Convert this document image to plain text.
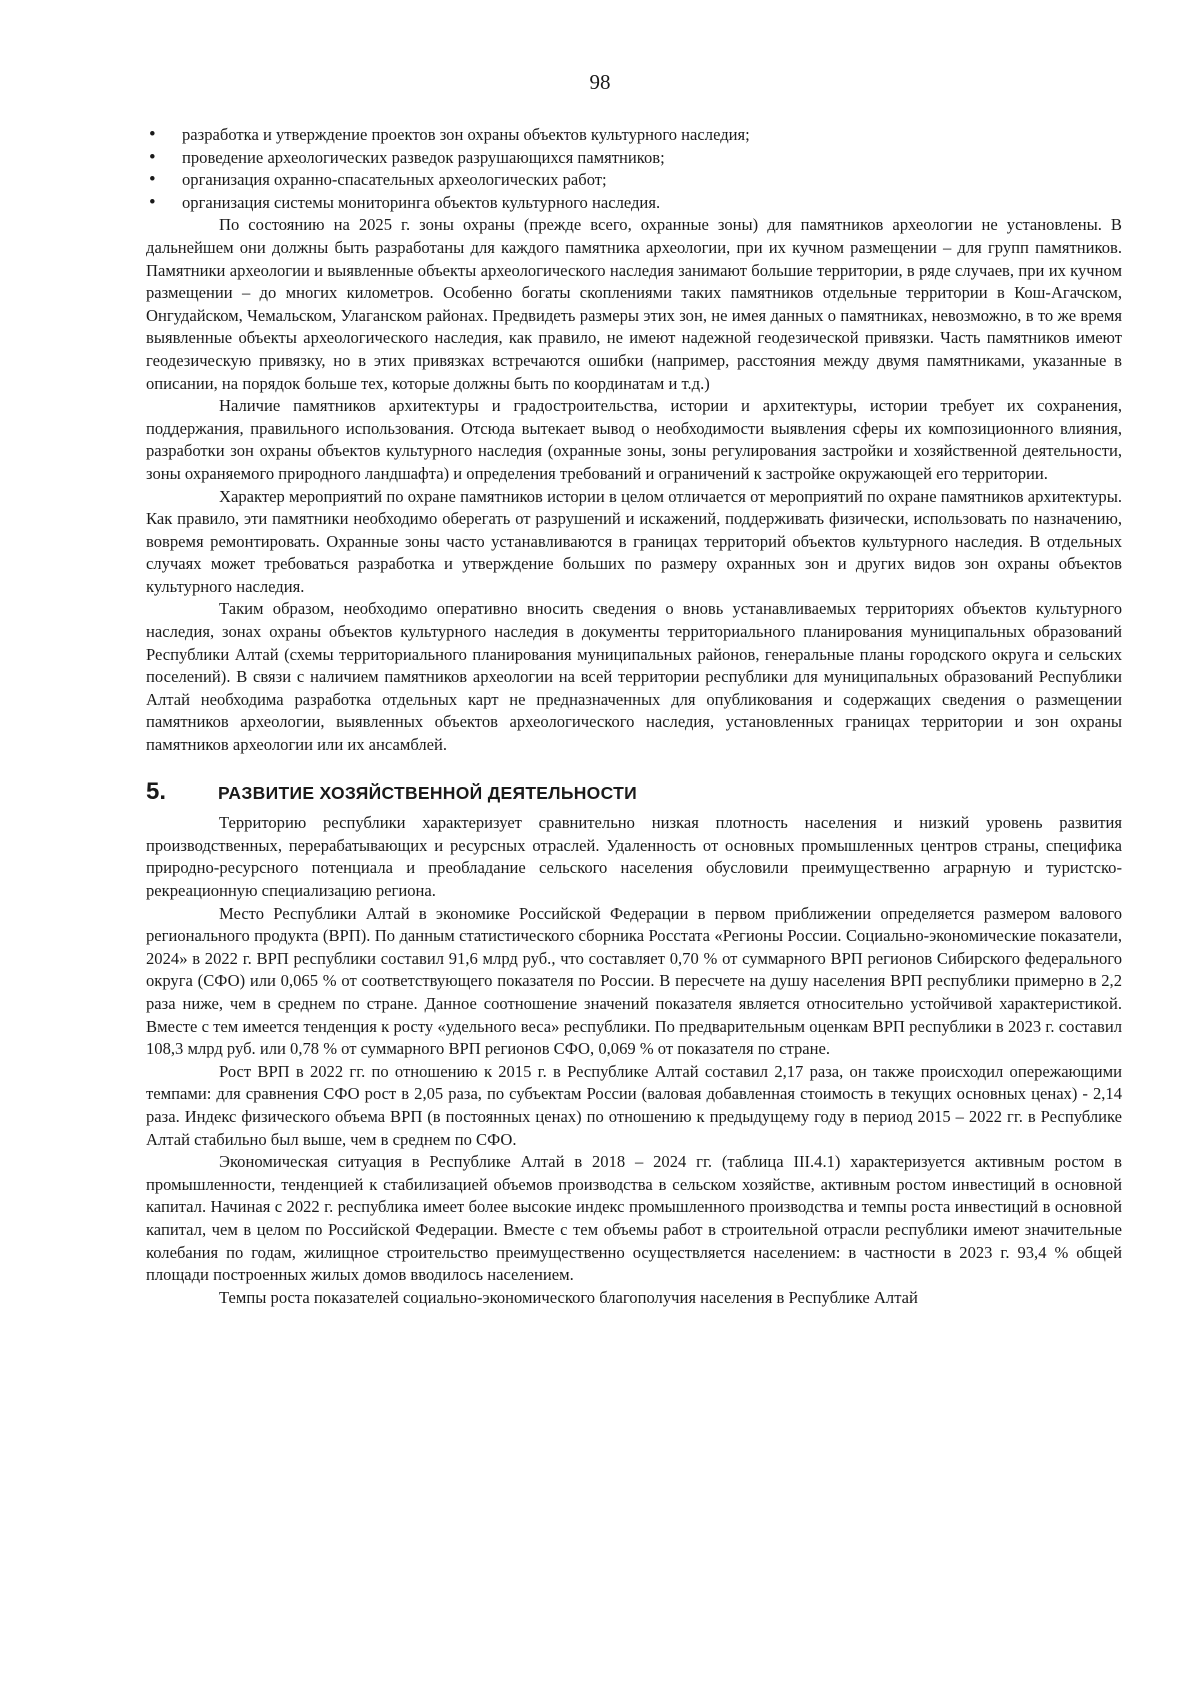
98
• разработка и утверждение проектов зон охраны объектов культурного наследия;
• проведение археологических разведок разрушающихся памятников;
• организация охранно-спасательных археологических работ;
• организация системы мониторинга объектов культурного наследия.

По состоянию на 2025 г. зоны охраны (прежде всего, охранные зоны) для памятников археологии не установлены. В дальнейшем они должны быть разработаны для каждого памятника археологии, при их кучном размещении – для групп памятников. Памятники археологии и выявленные объекты археологического наследия занимают большие территории, в ряде случаев, при их кучном размещении – до многих километров. Особенно богаты скоплениями таких памятников отдельные территории в Кош-Агачском, Онгудайском, Чемальском, Улаганском районах. Предвидеть размеры этих зон, не имея данных о памятниках, невозможно, в то же время выявленные объекты археологического наследия, как правило, не имеют надежной геодезической привязки. Часть памятников имеют геодезическую привязку, но в этих привязках встречаются ошибки (например, расстояния между двумя памятниками, указанные в описании, на порядок больше тех, которые должны быть по координатам и т.д.)

Наличие памятников архитектуры и градостроительства, истории и архитектуры, истории требует их сохранения, поддержания, правильного использования. Отсюда вытекает вывод о необходимости выявления сферы их композиционного влияния, разработки зон охраны объектов культурного наследия (охранные зоны, зоны регулирования застройки и хозяйственной деятельности, зоны охраняемого природного ландшафта) и определения требований и ограничений к застройке окружающей его территории.

Характер мероприятий по охране памятников истории в целом отличается от мероприятий по охране памятников архитектуры. Как правило, эти памятники необходимо оберегать от разрушений и искажений, поддерживать физически, использовать по назначению, вовремя ремонтировать. Охранные зоны часто устанавливаются в границах территорий объектов культурного наследия. В отдельных случаях может требоваться разработка и утверждение больших по размеру охранных зон и других видов зон охраны объектов культурного наследия.

Таким образом, необходимо оперативно вносить сведения о вновь устанавливаемых территориях объектов культурного наследия, зонах охраны объектов культурного наследия в документы территориального планирования муниципальных образований Республики Алтай (схемы территориального планирования муниципальных районов, генеральные планы городского округа и сельских поселений). В связи с наличием памятников археологии на всей территории республики для муниципальных образований Республики Алтай необходима разработка отдельных карт не предназначенных для опубликования и содержащих сведения о размещении памятников археологии, выявленных объектов археологического наследия, установленных границах территории и зон охраны памятников археологии или их ансамблей.

5.	РАЗВИТИЕ ХОЗЯЙСТВЕННОЙ ДЕЯТЕЛЬНОСТИ

Территорию республики характеризует сравнительно низкая плотность населения и низкий уровень развития производственных, перерабатывающих и ресурсных отраслей. Удаленность от основных промышленных центров страны, специфика природно-ресурсного потенциала и преобладание сельского населения обусловили преимущественно аграрную и туристско-рекреационную специализацию региона.

Место Республики Алтай в экономике Российской Федерации в первом приближении определяется размером валового регионального продукта (ВРП). По данным статистического сборника Росстата «Регионы России. Социально-экономические показатели, 2024» в 2022 г. ВРП республики составил 91,6 млрд руб., что составляет 0,70 % от суммарного ВРП регионов Сибирского федерального округа (СФО) или 0,065 % от соответствующего показателя по России. В пересчете на душу населения ВРП республики примерно в 2,2 раза ниже, чем в среднем по стране. Данное соотношение значений показателя является относительно устойчивой характеристикой. Вместе с тем имеется тенденция к росту «удельного веса» республики. По предварительным оценкам ВРП республики в 2023 г. составил 108,3 млрд руб. или 0,78 % от суммарного ВРП регионов СФО, 0,069 % от показателя по стране.

Рост ВРП в 2022 гг. по отношению к 2015 г. в Республике Алтай составил 2,17 раза, он также происходил опережающими темпами: для сравнения СФО рост в 2,05 раза, по субъектам России (валовая добавленная стоимость в текущих основных ценах) - 2,14 раза. Индекс физического объема ВРП (в постоянных ценах) по отношению к предыдущему году в период 2015 – 2022 гг. в Республике Алтай стабильно был выше, чем в среднем по СФО.

Экономическая ситуация в Республике Алтай в 2018 – 2024 гг. (таблица III.4.1) характеризуется активным ростом в промышленности, тенденцией к стабилизацией объемов производства в сельском хозяйстве, активным ростом инвестиций в основной капитал. Начиная с 2022 г. республика имеет более высокие индекс промышленного производства и темпы роста инвестиций в основной капитал, чем в целом по Российской Федерации. Вместе с тем объемы работ в строительной отрасли республики имеют значительные колебания по годам, жилищное строительство преимущественно осуществляется населением: в частности в 2023 г. 93,4 % общей площади построенных жилых домов вводилось населением.

Темпы роста показателей социально-экономического благополучия населения в Республике Алтай
